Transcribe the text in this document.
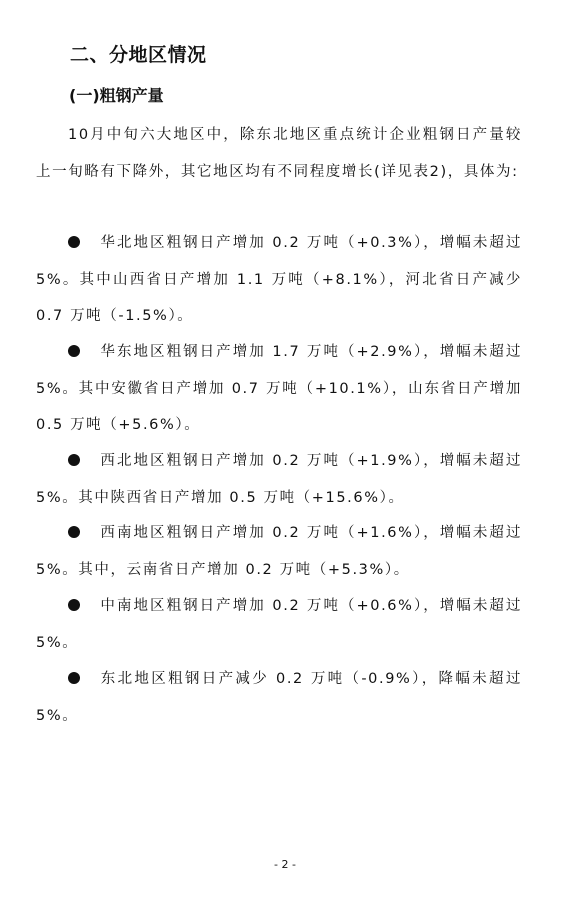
二、分地区情况
(一)粗钢产量

10月中旬六大地区中，除东北地区重点统计企业粗钢日产量较上一旬略有下降外，其它地区均有不同程度增长(详见表2)，具体为:

华北地区粗钢日产增加 0.2 万吨（+0.3%），增幅未超过 5%。其中山西省日产增加 1.1 万吨（+8.1%），河北省日产减少 0.7 万吨（-1.5%）。

华东地区粗钢日产增加 1.7 万吨（+2.9%），增幅未超过 5%。其中安徽省日产增加 0.7 万吨（+10.1%），山东省日产增加 0.5 万吨（+5.6%）。

西北地区粗钢日产增加 0.2 万吨（+1.9%），增幅未超过 5%。其中陕西省日产增加 0.5 万吨（+15.6%）。

西南地区粗钢日产增加 0.2 万吨（+1.6%），增幅未超过 5%。其中，云南省日产增加 0.2 万吨（+5.3%）。

中南地区粗钢日产增加 0.2 万吨（+0.6%），增幅未超过 5%。

东北地区粗钢日产减少 0.2 万吨（-0.9%），降幅未超过 5%。

- 2 -
